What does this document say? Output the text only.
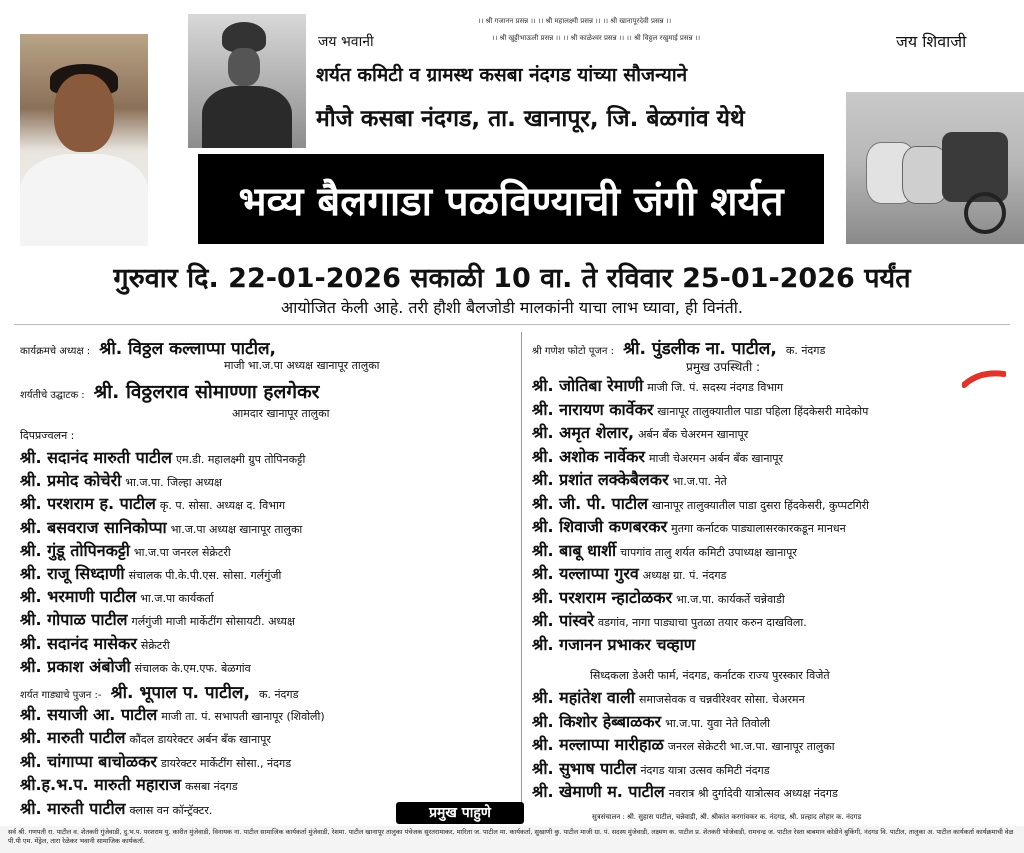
जय भवानी	जय शिवाजी
।। श्री गजानन प्रसन्न ।। ।। श्री महालक्ष्मी प्रसन्न ।। ।। श्री खानापूरदेवी प्रसन्न ।।
।। श्री खुट्टीभाऊली प्रसन्न ।। ।। श्री काळेश्वर प्रसन्न ।। ।। श्री विठ्ठल रखुमाई प्रसन्न ।।
शर्यत कमिटी व ग्रामस्थ कसबा नंदगड यांच्या सौजन्याने
मौजे कसबा नंदगड, ता. खानापूर, जि. बेळगांव येथे
भव्य बैलगाडा पळविण्याची जंगी शर्यत
गुरुवार दि. 22-01-2026 सकाळी 10 वा. ते रविवार 25-01-2026 पर्यंत
आयोजित केली आहे. तरी हौशी बैलजोडी मालकांनी याचा लाभ घ्यावा, ही विनंती.
कार्यक्रमचे अध्यक्ष : श्री. विठ्ठल कल्लाप्पा पाटील,
माजी भा.ज.पा अध्यक्ष खानापूर तालुका
शर्यतीचे उद्घाटक : श्री. विठ्ठलराव सोमाण्णा हलगेकर
आमदार खानापूर तालुका
दिपप्रज्वलन :
श्री. सदानंद मारुती पाटील एम.डी. महालक्ष्मी ग्रुप तोपिनकट्टी
श्री. प्रमोद कोचेरी भा.ज.पा. जिल्हा अध्यक्ष
श्री. परशराम ह. पाटील कृ. प. सोसा. अध्यक्ष द. विभाग
श्री. बसवराज सानिकोप्पा भा.ज.पा अध्यक्ष खानापूर तालुका
श्री. गुंडू तोपिनकट्टी भा.ज.पा जनरल सेक्रेटरी
श्री. राजू सिध्दाणी संचालक पी.के.पी.एस. सोसा. गर्लगुंजी
श्री. भरमाणी पाटील भा.ज.पा कार्यकर्ता
श्री. गोपाळ पाटील गर्लगुंजी माजी मार्केटींग सोसायटी. अध्यक्ष
श्री. सदानंद मासेकर सेक्रेटरी
श्री. प्रकाश अंबोजी संचालक के.एम.एफ. बेळगांव
शर्यत गाड्याचे पुजन :- श्री. भूपाल प. पाटील, क. नंदगड
श्री. सयाजी आ. पाटील माजी ता. पं. सभापती खानापूर (शिवोली)
श्री. मारुती पाटील कौंदल डायरेक्टर अर्बन बँक खानापूर
श्री. चांगाप्पा बाचोळकर डायरेक्टर मार्केटींग सोसा., नंदगड
श्री.ह.भ.प. मारुती महाराज कसबा नंदगड
श्री. मारुती पाटील क्लास वन कॉन्ट्रॅक्टर.
श्री गणेश फोटो पूजन : श्री. पुंडलीक ना. पाटील, क. नंदगड
प्रमुख उपस्थिती :
श्री. जोतिबा रेमाणी माजी जि. पं. सदस्य नंदगड विभाग
श्री. नारायण कार्वेकर खानापूर तालुक्यातील पाडा पहिला हिंदकेसरी मादेकोप
श्री. अमृत शेलार, अर्बन बँक चेअरमन खानापूर
श्री. अशोक नार्वेकर माजी चेअरमन अर्बन बँक खानापूर
श्री. प्रशांत लक्केबैलकर भा.ज.पा. नेते
श्री. जी. पी. पाटील खानापूर तालुक्यातील पाडा दुसरा हिंदकेसरी, कुप्पटगिरी
श्री. शिवाजी कणबरकर मुतगा कर्नाटक पाड्यालासरकारकडून मानधन
श्री. बाबू धार्शी चापगांव तालु शर्यत कमिटी उपाध्यक्ष खानापूर
श्री. यल्लाप्पा गुरव अध्यक्ष ग्रा. पं. नंदगड
श्री. परशराम न्हाटोळकर भा.ज.पा. कार्यकर्ते चन्नेवाडी
श्री. पांस्वरे वडगांव, नागा पाड्याचा पुतळा तयार करुन दाखविला.
श्री. गजानन प्रभाकर चव्हाण
सिध्दकला डेअरी फार्म, नंदगड, कर्नाटक राज्य पुरस्कार विजेते
श्री. महांतेश वाली समाजसेवक व चन्नवीरेश्वर सोसा. चेअरमन
श्री. किशोर हेब्बाळकर भा.ज.पा. युवा नेते तिवोली
श्री. मल्लाप्पा मारीहाळ जनरल सेक्रेटरी भा.ज.पा. खानापूर तालुका
श्री. सुभाष पाटील नंदगड यात्रा उत्सव कमिटी नंदगड
श्री. खेमाणी म. पाटील नवरात्र श्री दुर्गादेवी यात्रोत्सव अध्यक्ष नंदगड
सुत्रसंचालन : श्री. सुहास पाटील, चन्नेवाडी, श्री. श्रीकांत करगांवकर क. नंदगड, श्री. प्रल्हाद लोहार क. नंदगड
प्रमुख पाहुणे
सर्व श्री. गणपती रा. पाटील व. शेतकरी गुंजेवाडी, दु.भ.प. परशराम यु. कारीत मुंजेवाडी, विनायक ना. पाटील सामाजिक कार्यकर्ता मुंजेवाडी, रेशमा. पाटील खानापूर तालुका पंचेजक सुरतरामाकर, मारिता ज. पाटील मा. कार्यकर्ता, सुखाणी कु. पाटील माजी ग्रा. पं. सदस्य मुंजेवाडी, लक्ष्मण क. पाटील प्र. शेतकरी भोजेवाडी, रामचन्द्र ज. पाटील रेस्ता बाबमान कोडीने बुकिंगी, नंदगड वि. पाटील, तालुका अ. पाटील कार्यकर्ता कार्यक्रमाची वेळ पी.पी एम. मेंड्रेल, तारा रेळेकर भवानी सामाजिक कार्यकर्ता.
